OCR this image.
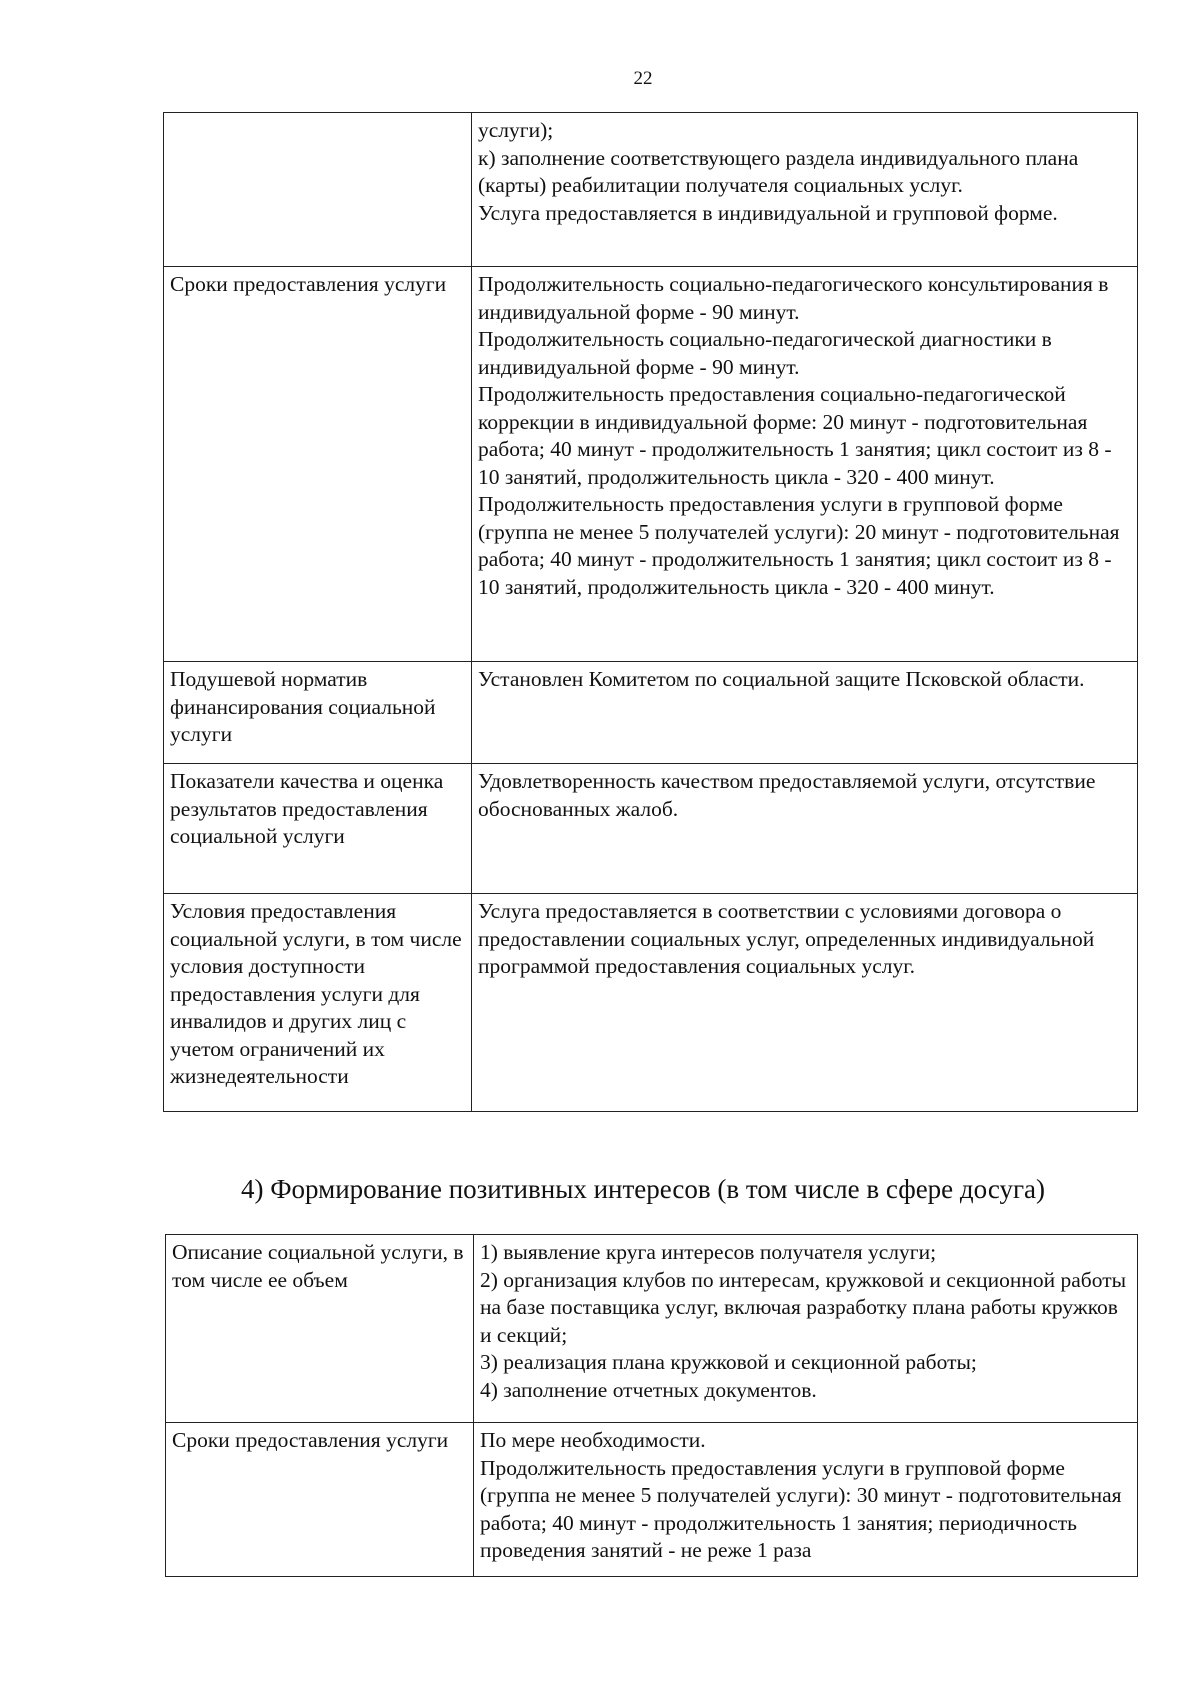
22
	услуги);
к) заполнение соответствующего раздела индивидуального плана (карты) реабилитации получателя социальных услуг.
Услуга предоставляется в индивидуальной и групповой форме.
Сроки предоставления услуги	Продолжительность социально-педагогического консультирования в индивидуальной форме - 90 минут.
Продолжительность социально-педагогической диагностики в индивидуальной форме - 90 минут.
Продолжительность предоставления социально-педагогической коррекции в индивидуальной форме: 20 минут - подготовительная работа; 40 минут - продолжительность 1 занятия; цикл состоит из 8 - 10 занятий, продолжительность цикла - 320 - 400 минут.
Продолжительность предоставления услуги в групповой форме (группа не менее 5 получателей услуги): 20 минут - подготовительная работа; 40 минут - продолжительность 1 занятия; цикл состоит из 8 - 10 занятий, продолжительность цикла - 320 - 400 минут.
Подушевой норматив финансирования социальной услуги	Установлен Комитетом по социальной защите Псковской области.
Показатели качества и оценка результатов предоставления социальной услуги	Удовлетворенность качеством предоставляемой услуги, отсутствие обоснованных жалоб.
Условия предоставления социальной услуги, в том числе условия доступности предоставления услуги для инвалидов и других лиц с учетом ограничений их жизнедеятельности	Услуга предоставляется в соответствии с условиями договора о предоставлении социальных услуг, определенных индивидуальной программой предоставления социальных услуг.
4) Формирование позитивных интересов (в том числе в сфере досуга)
Описание социальной услуги, в том числе ее объем	1) выявление круга интересов получателя услуги;
2) организация клубов по интересам, кружковой и секционной работы на базе поставщика услуг, включая разработку плана работы кружков и секций;
3) реализация плана кружковой и секционной работы;
4) заполнение отчетных документов.
Сроки предоставления услуги	По мере необходимости.
Продолжительность предоставления услуги в групповой форме (группа не менее 5 получателей услуги): 30 минут - подготовительная работа; 40 минут - продолжительность 1 занятия; периодичность проведения занятий - не реже 1 раза
